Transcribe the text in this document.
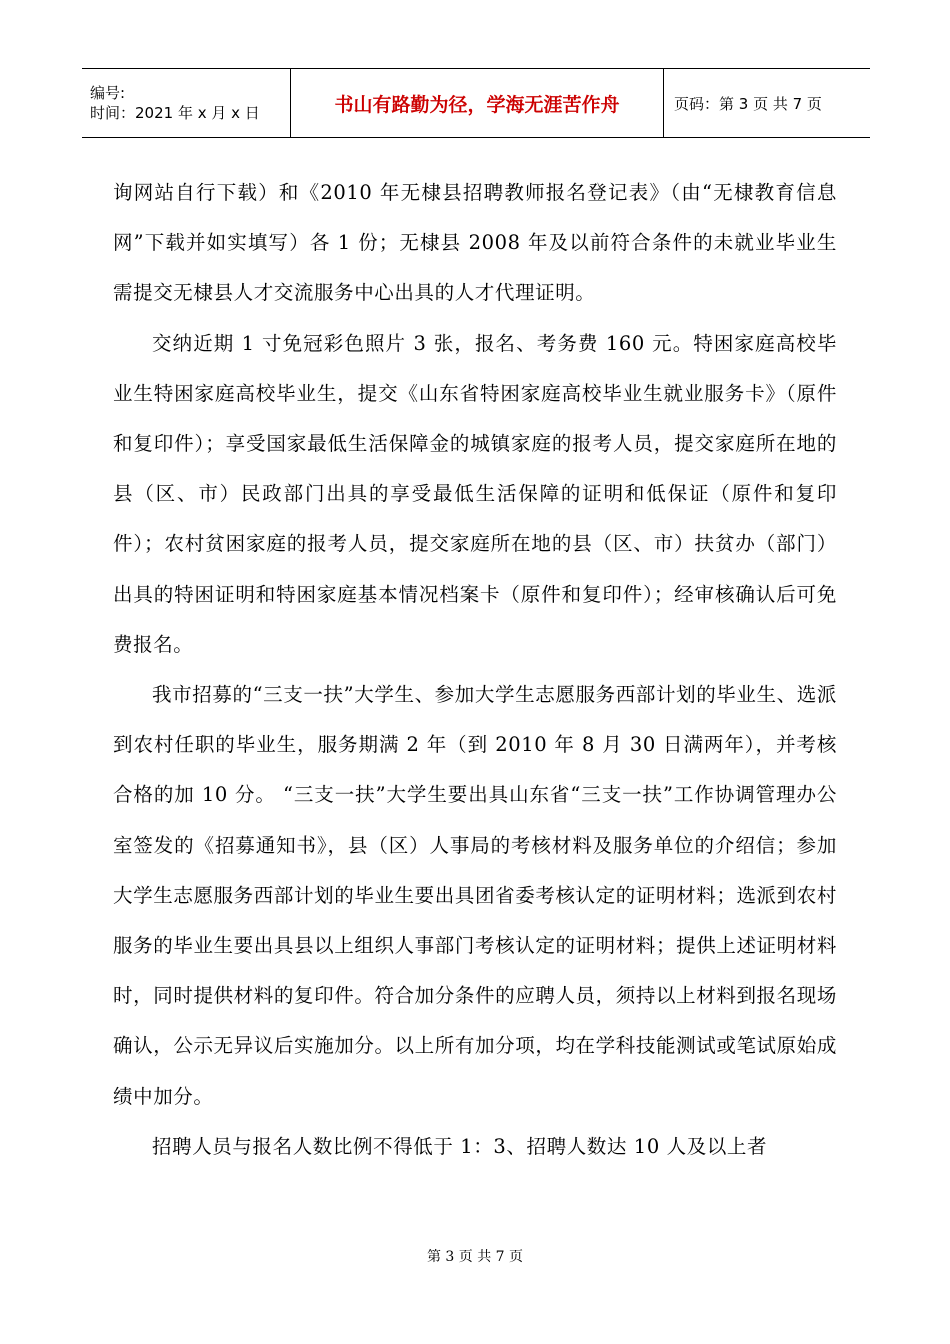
编号:
时间：2021 年 x 月 x 日	书山有路勤为径，学海无涯苦作舟	页码：第 3 页 共 7 页

询网站自行下载）和《2010 年无棣县招聘教师报名登记表》（由“无棣教育信息网”下载并如实填写）各 1 份；无棣县 2008 年及以前符合条件的未就业毕业生需提交无棣县人才交流服务中心出具的人才代理证明。

交纳近期 1 寸免冠彩色照片 3 张，报名、考务费 160 元。特困家庭高校毕业生特困家庭高校毕业生，提交《山东省特困家庭高校毕业生就业服务卡》（原件和复印件）；享受国家最低生活保障金的城镇家庭的报考人员，提交家庭所在地的县（区、市）民政部门出具的享受最低生活保障的证明和低保证（原件和复印件）；农村贫困家庭的报考人员，提交家庭所在地的县（区、市）扶贫办（部门）出具的特困证明和特困家庭基本情况档案卡（原件和复印件）；经审核确认后可免费报名。

我市招募的“三支一扶”大学生、参加大学生志愿服务西部计划的毕业生、选派到农村任职的毕业生，服务期满 2 年（到 2010 年 8 月 30 日满两年），并考核合格的加 10 分。 “三支一扶”大学生要出具山东省“三支一扶”工作协调管理办公室签发的《招募通知书》，县（区）人事局的考核材料及服务单位的介绍信；参加大学生志愿服务西部计划的毕业生要出具团省委考核认定的证明材料；选派到农村服务的毕业生要出具县以上组织人事部门考核认定的证明材料；提供上述证明材料时，同时提供材料的复印件。符合加分条件的应聘人员，须持以上材料到报名现场确认，公示无异议后实施加分。以上所有加分项，均在学科技能测试或笔试原始成绩中加分。

招聘人员与报名人数比例不得低于 1：3、招聘人数达 10 人及以上者

第 3 页 共 7 页
